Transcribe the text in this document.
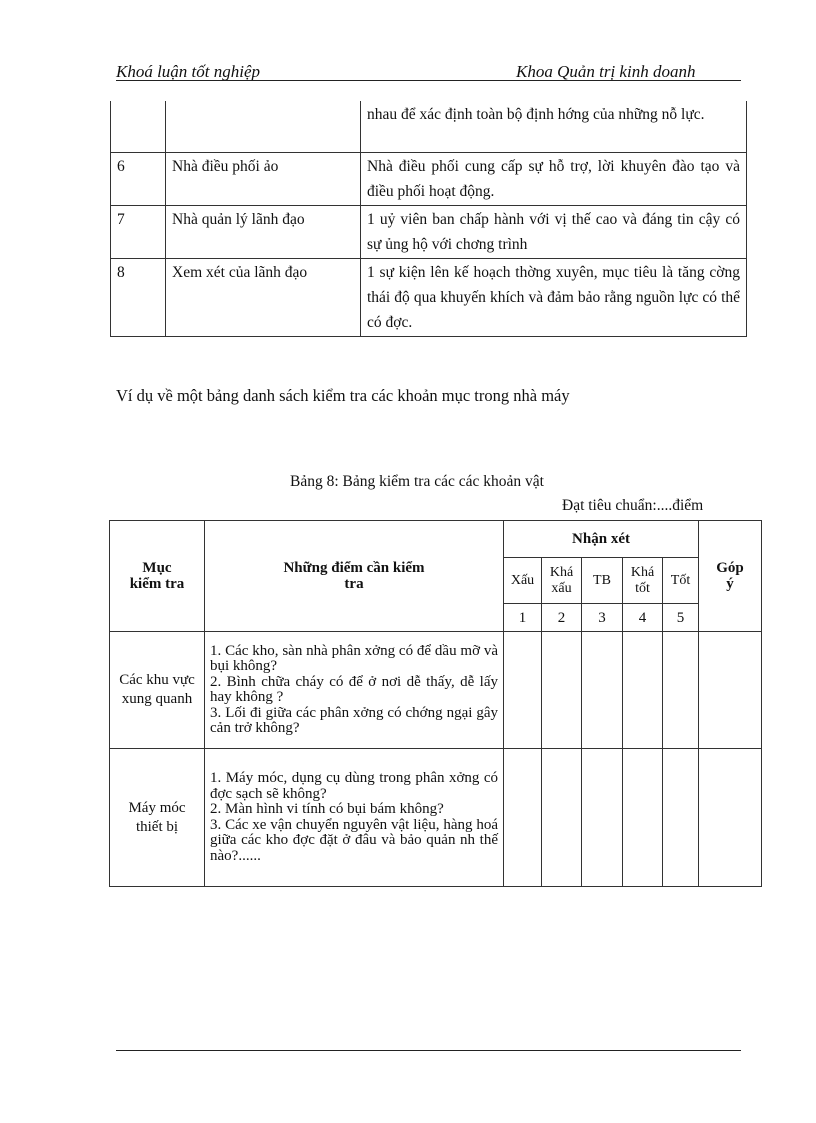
Khoá luận tốt nghiệp	Khoa Quản trị kinh doanh
		nhau để xác định toàn bộ định hớng của những nỗ lực.
6	Nhà điều phối ảo	Nhà điều phối cung cấp sự hỗ trợ, lời khuyên đào tạo và điều phối hoạt động.
7	Nhà quản lý lãnh đạo	1 uỷ viên ban chấp hành với vị thế cao và đáng tin cậy có sự ủng hộ với chơng trình
8	Xem xét của lãnh đạo	1 sự kiện lên kế hoạch thờng xuyên, mục tiêu là tăng cờng thái độ qua khuyến khích và đảm bảo rằng nguồn lực có thể có đợc.
Ví dụ về một bảng danh sách kiểm tra các khoản mục trong nhà máy
Bảng 8: Bảng kiểm tra các các khoản vật
Đạt tiêu chuẩn:....điểm
Mục kiểm tra	Những điểm cần kiểm tra	Nhận xét					Góp ý
		Xấu	Khá xấu	TB	Khá tốt	Tốt	
		1	2	3	4	5	
Các khu vực xung quanh	1. Các kho, sàn nhà phân xởng có để dầu mỡ và bụi không?
2. Bình chữa cháy có để ở nơi dễ thấy, dễ lấy hay không ?
3. Lối đi giữa các phân xởng có chớng ngại gây cản trở không?						

Máy móc thiết bị	1. Máy móc, dụng cụ dùng trong phân xởng có đợc sạch sẽ không?
2. Màn hình vi tính có bụi bám không?
3. Các xe vận chuyển nguyên vật liệu, hàng hoá giữa các kho đợc đặt ở đâu và bảo quản nh thế nào?......						
